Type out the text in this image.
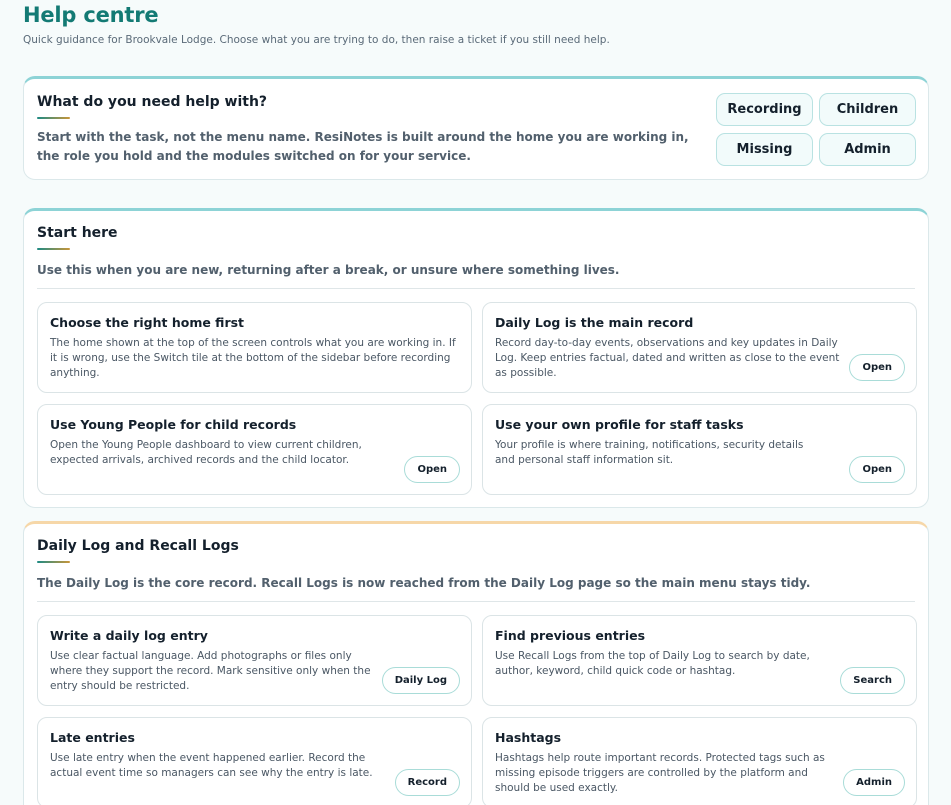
Help centre
Quick guidance for Brookvale Lodge. Choose what you are trying to do, then raise a ticket if you still need help.
What do you need help with?
Start with the task, not the menu name. ResiNotes is built around the home you are working in, the role you hold and the modules switched on for your service.
Recording	Children
Missing	Admin
Start here
Use this when you are new, returning after a break, or unsure where something lives.
Choose the right home first
The home shown at the top of the screen controls what you are working in. If it is wrong, use the Switch tile at the bottom of the sidebar before recording anything.
Daily Log is the main record
Record day-to-day events, observations and key updates in Daily Log. Keep entries factual, dated and written as close to the event as possible.	Open
Use Young People for child records
Open the Young People dashboard to view current children, expected arrivals, archived records and the child locator.
Open
Use your own profile for staff tasks
Your profile is where training, notifications, security details and personal staff information sit.
Open
Daily Log and Recall Logs
The Daily Log is the core record. Recall Logs is now reached from the Daily Log page so the main menu stays tidy.
Write a daily log entry
Use clear factual language. Add photographs or files only where they support the record. Mark sensitive only when the entry should be restricted.	Daily Log
Find previous entries
Use Recall Logs from the top of Daily Log to search by date, author, keyword, child quick code or hashtag.
Search
Late entries
Use late entry when the event happened earlier. Record the actual event time so managers can see why the entry is late.
Record
Hashtags
Hashtags help route important records. Protected tags such as missing episode triggers are controlled by the platform and should be used exactly.	Admin
